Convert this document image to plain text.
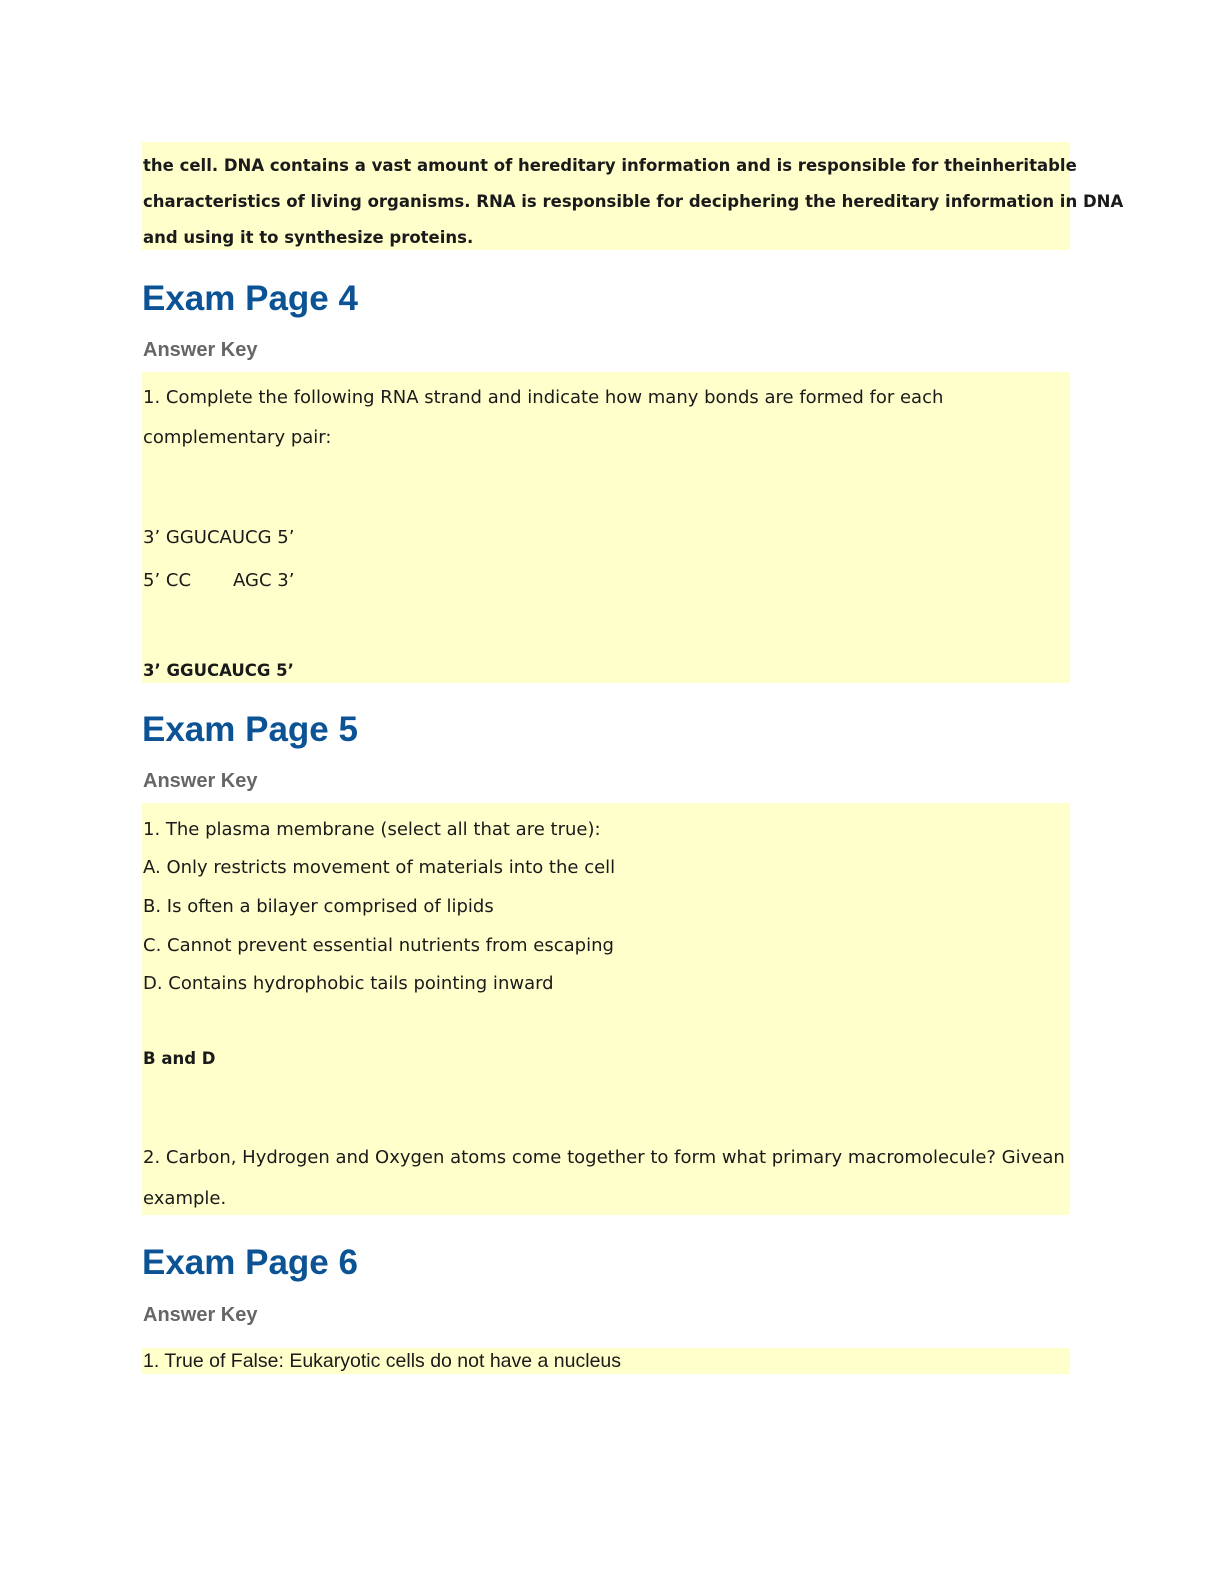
the cell. DNA contains a vast amount of hereditary information and is responsible for theinheritable
characteristics of living organisms. RNA is responsible for deciphering the hereditary information in DNA
and using it to synthesize proteins.
Exam Page 4
Answer Key
1. Complete the following RNA strand and indicate how many bonds are formed for each
complementary pair:
3’ GGUCAUCG 5’
5’ CC AGC 3’
3’ GGUCAUCG 5’
Exam Page 5
Answer Key
1. The plasma membrane (select all that are true):
A. Only restricts movement of materials into the cell
B. Is often a bilayer comprised of lipids
C. Cannot prevent essential nutrients from escaping
D. Contains hydrophobic tails pointing inward
B and D
2. Carbon, Hydrogen and Oxygen atoms come together to form what primary macromolecule? Givean
example.
Exam Page 6
Answer Key
1. True of False: Eukaryotic cells do not have a nucleus
